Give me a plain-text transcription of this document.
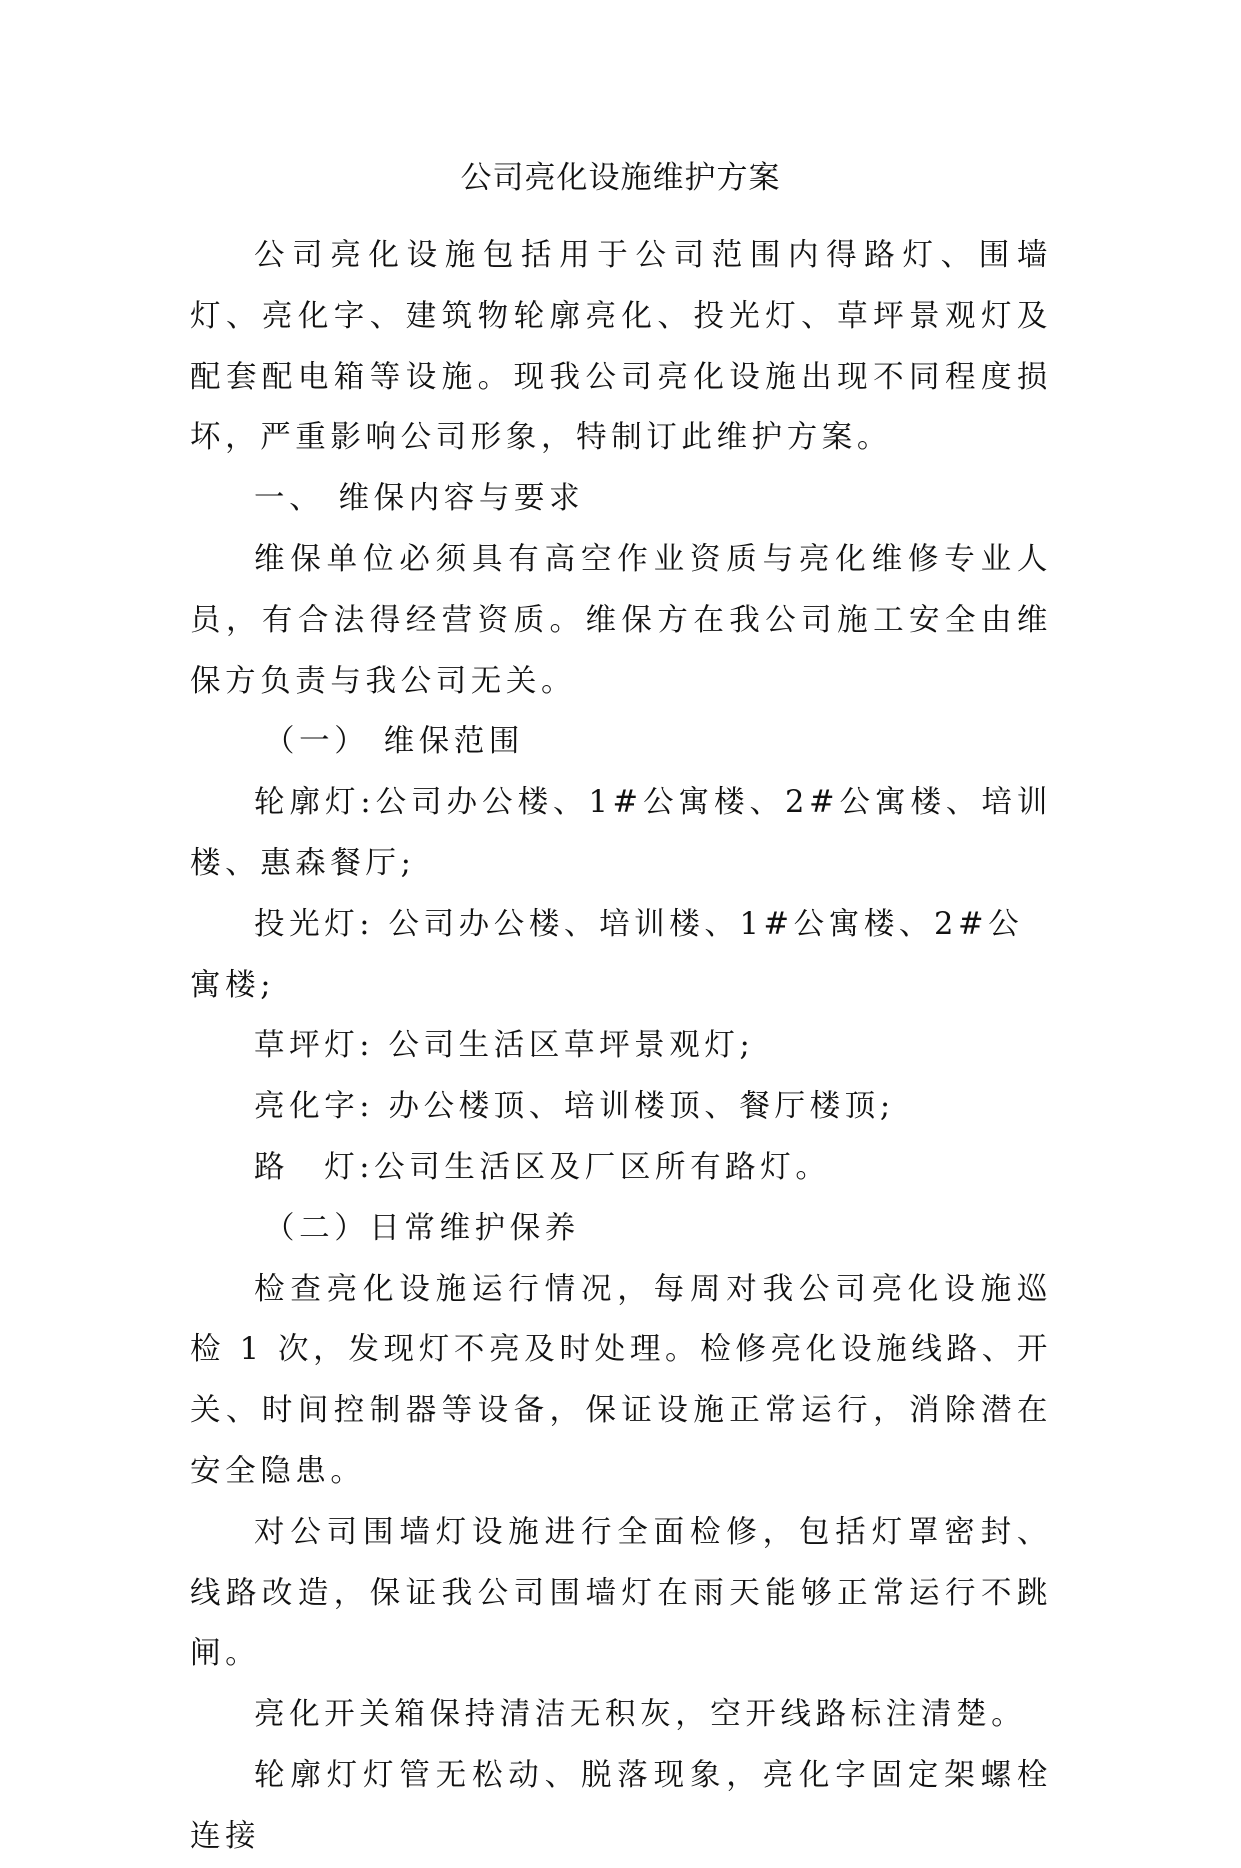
公司亮化设施维护方案

公司亮化设施包括用于公司范围内得路灯、围墙灯、亮化字、建筑物轮廓亮化、投光灯、草坪景观灯及配套配电箱等设施。现我公司亮化设施出现不同程度损坏，严重影响公司形象，特制订此维护方案。

一、 维保内容与要求

维保单位必须具有高空作业资质与亮化维修专业人员，有合法得经营资质。维保方在我公司施工安全由维保方负责与我公司无关。

（一） 维保范围

轮廓灯:公司办公楼、1#公寓楼、2#公寓楼、培训楼、惠森餐厅;

投光灯: 公司办公楼、培训楼、1#公寓楼、2#公寓楼;

草坪灯: 公司生活区草坪景观灯;

亮化字: 办公楼顶、培训楼顶、餐厅楼顶;

路　灯:公司生活区及厂区所有路灯。

（二）日常维护保养

检查亮化设施运行情况，每周对我公司亮化设施巡检 1 次，发现灯不亮及时处理。检修亮化设施线路、开关、时间控制器等设备，保证设施正常运行，消除潜在安全隐患。

对公司围墙灯设施进行全面检修，包括灯罩密封、线路改造，保证我公司围墙灯在雨天能够正常运行不跳闸。

亮化开关箱保持清洁无积灰，空开线路标注清楚。

轮廓灯灯管无松动、脱落现象，亮化字固定架螺栓连接
